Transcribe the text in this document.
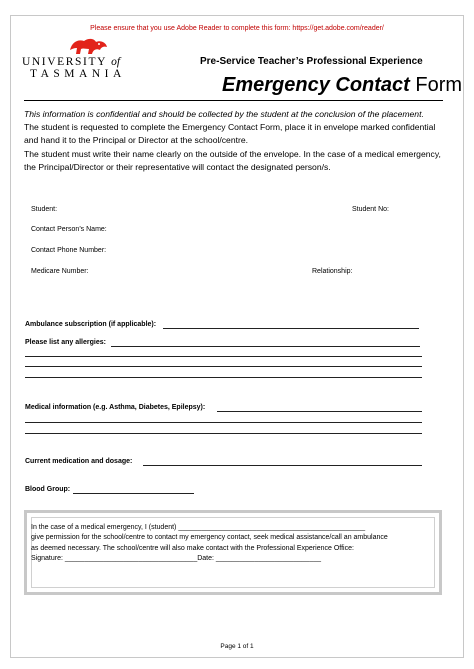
Please ensure that you use Adobe Reader to complete this form: https://get.adobe.com/reader/
UNIVERSITY of
TASMANIA
Pre-Service Teacher’s Professional Experience
Emergency Contact Form

This information is confidential and should be collected by the student at the conclusion of the placement.

The student is requested to complete the Emergency Contact Form, place it in envelope marked confidential and hand it to the Principal or Director at the school/centre.

The student must write their name clearly on the outside of the envelope. In the case of a medical emergency, the Principal/Director or their representative will contact the designated person/s.

Student:	Student No:
Contact Person’s Name:
Contact Phone Number:
Medicare Number:	Relationship:
Ambulance subscription (if applicable):
Please list any allergies:
Medical information (e.g. Asthma, Diabetes, Epilepsy):
Current medication and dosage:
Blood Group:
In the case of a medical emergency, I (student) ________________________________________________
give permission for the school/centre to contact my emergency contact, seek medical assistance/call an ambulance
as deemed necessary. The school/centre will also make contact with the Professional Experience Office:
Signature: __________________________________Date: ___________________________
Page 1 of 1
